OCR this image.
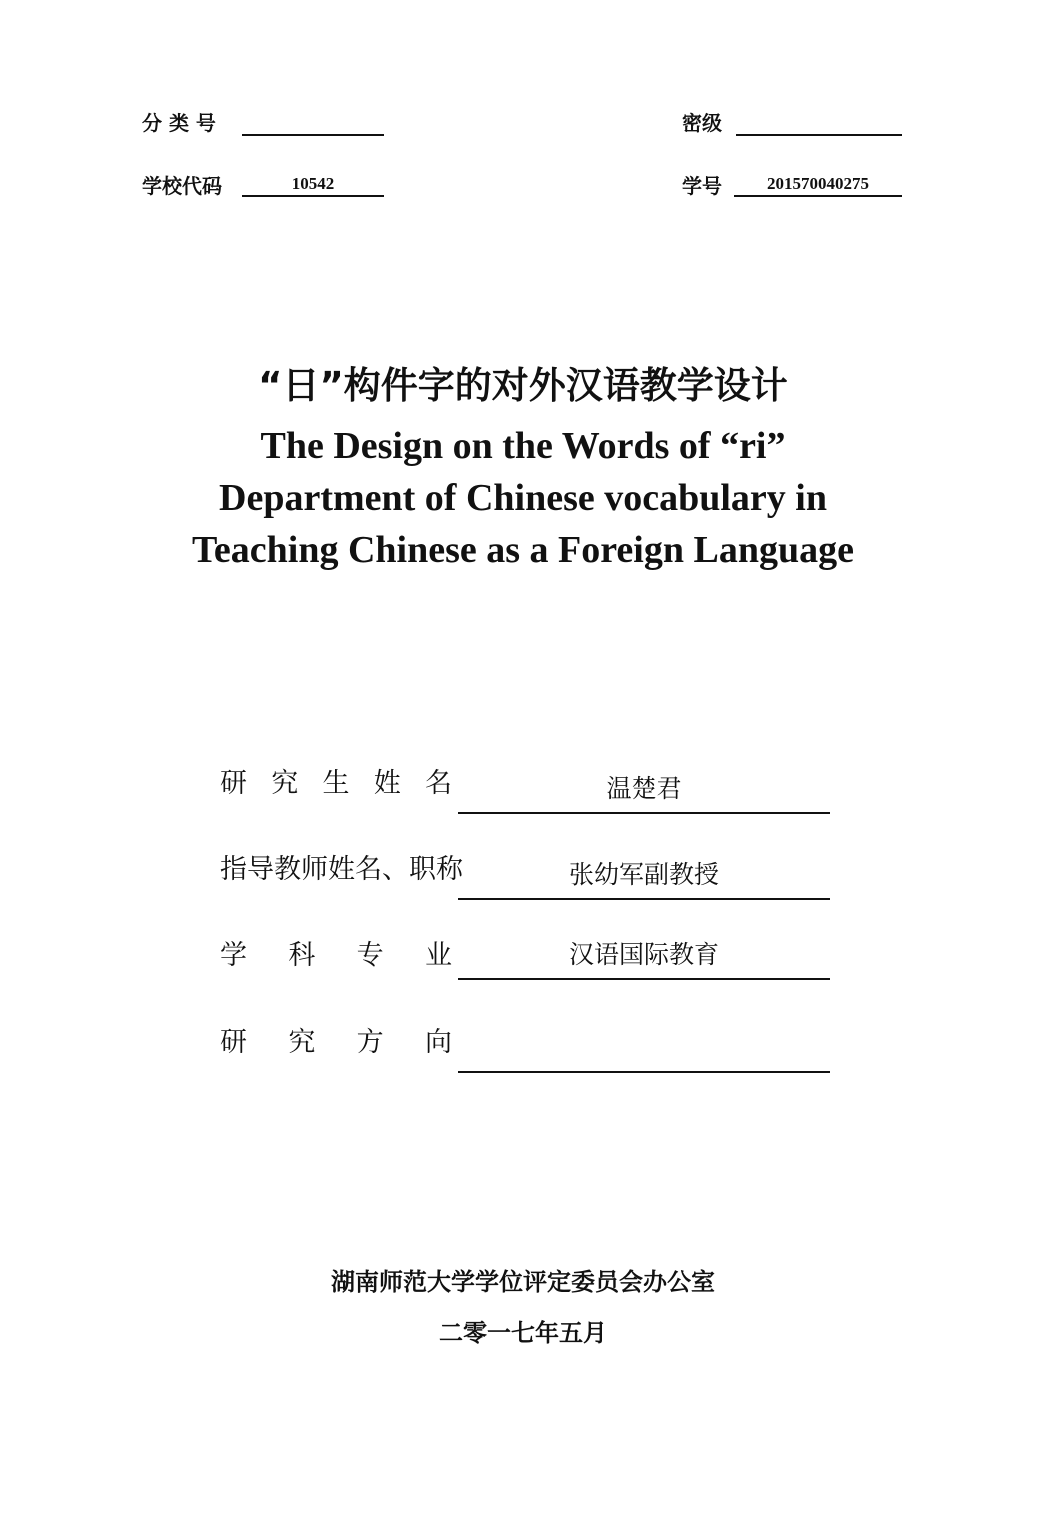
分 类 号	密级
学校代码	10542	学号	201570040275
“日”构件字的对外汉语教学设计
The Design on the Words of “ri”
Department of Chinese vocabulary in
Teaching Chinese as a Foreign Language
研 究 生 姓 名	温楚君
指导教师姓名、职称	张幼军副教授
学 科 专 业	汉语国际教育
研 究 方 向
湖南师范大学学位评定委员会办公室
二零一七年五月
